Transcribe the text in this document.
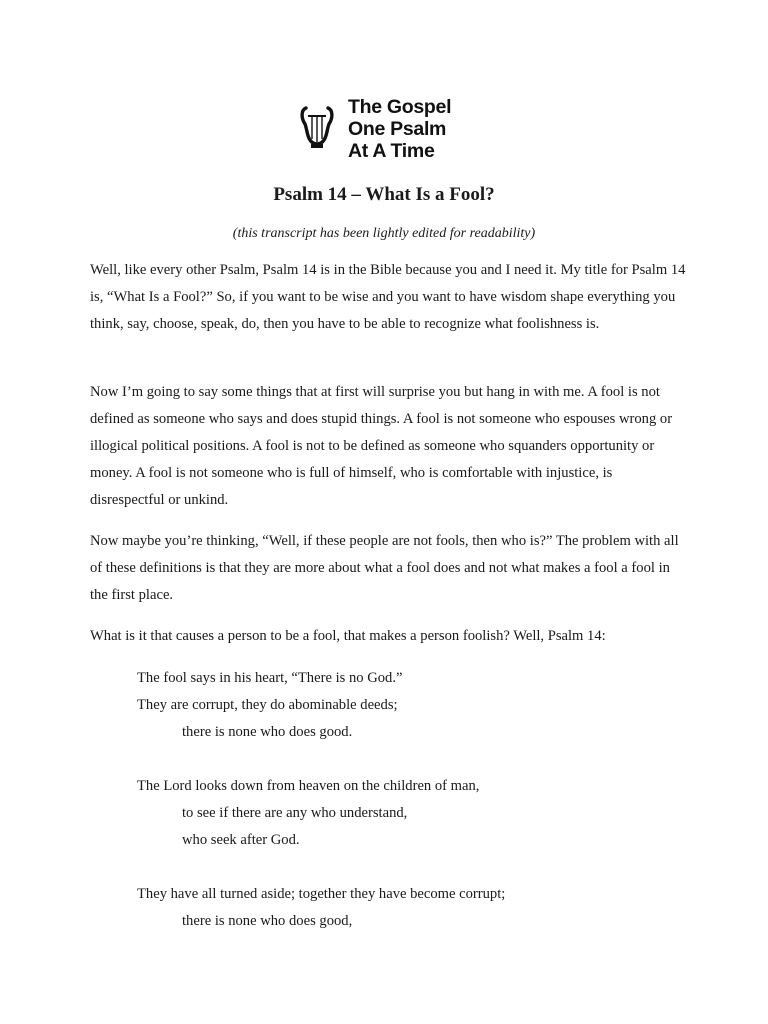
The Gospel
One Psalm
At A Time
Psalm 14 – What Is a Fool?
(this transcript has been lightly edited for readability)

Well, like every other Psalm, Psalm 14 is in the Bible because you and I need it. My title for Psalm 14 is, “What Is a Fool?” So, if you want to be wise and you want to have wisdom shape everything you think, say, choose, speak, do, then you have to be able to recognize what foolishness is.

Now I’m going to say some things that at first will surprise you but hang in with me. A fool is not defined as someone who says and does stupid things. A fool is not someone who espouses wrong or illogical political positions. A fool is not to be defined as someone who squanders opportunity or money. A fool is not someone who is full of himself, who is comfortable with injustice, is disrespectful or unkind.

Now maybe you’re thinking, “Well, if these people are not fools, then who is?” The problem with all of these definitions is that they are more about what a fool does and not what makes a fool a fool in the first place.

What is it that causes a person to be a fool, that makes a person foolish? Well, Psalm 14:

The fool says in his heart, “There is no God.”
They are corrupt, they do abominable deeds;
there is none who does good.
The Lord looks down from heaven on the children of man,
to see if there are any who understand,
who seek after God.
They have all turned aside; together they have become corrupt;
there is none who does good,
